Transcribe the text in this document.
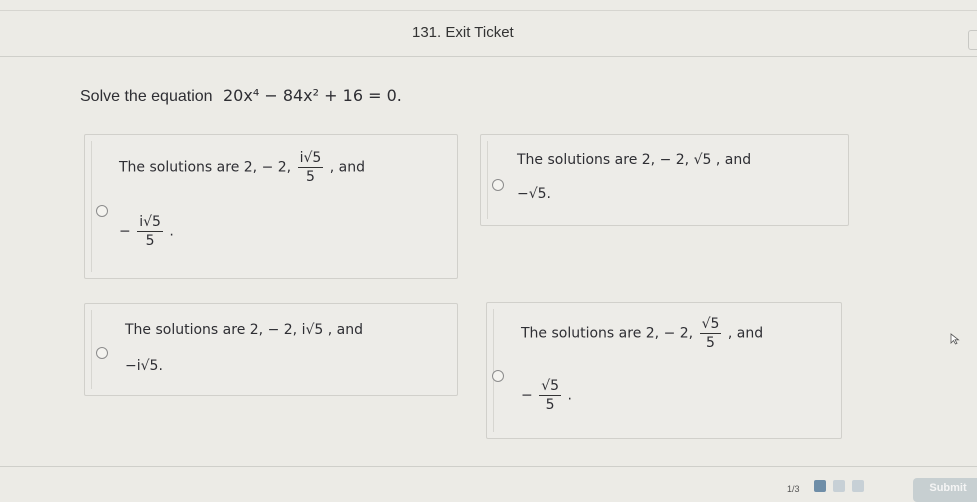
131. Exit Ticket
Solve the equation 20x⁴ − 84x² + 16 = 0.
The solutions are 2, − 2, $\frac{i√5}{5}$ , and
− $\frac{i√5}{5}$ .
The solutions are 2, − 2, √5 , and
−√5.
The solutions are 2, − 2, i√5 , and
−i√5.
The solutions are 2, − 2, $\frac{√5}{5}$ , and
− $\frac{√5}{5}$ .
1/3	Submit
